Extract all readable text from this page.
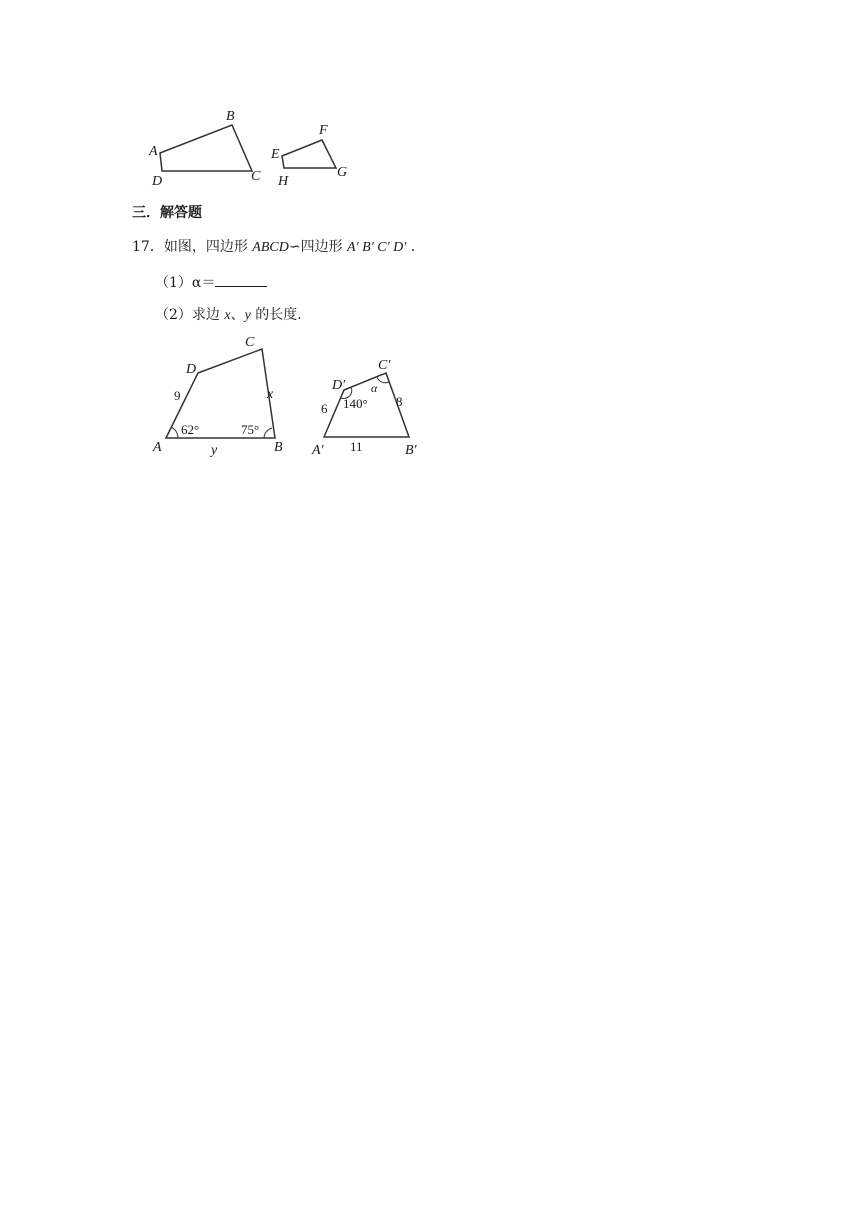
A
B
C
D
E
F
G
H
三．解答题
17．如图，四边形 ABCD∽四边形 A′ B′ C′ D′ ．
（1）α＝
（2）求边 x、y 的长度．
A	B
C
D
9	x
y
62°	75°
A′	B′
C′
D′
6	8
11
140°
α
